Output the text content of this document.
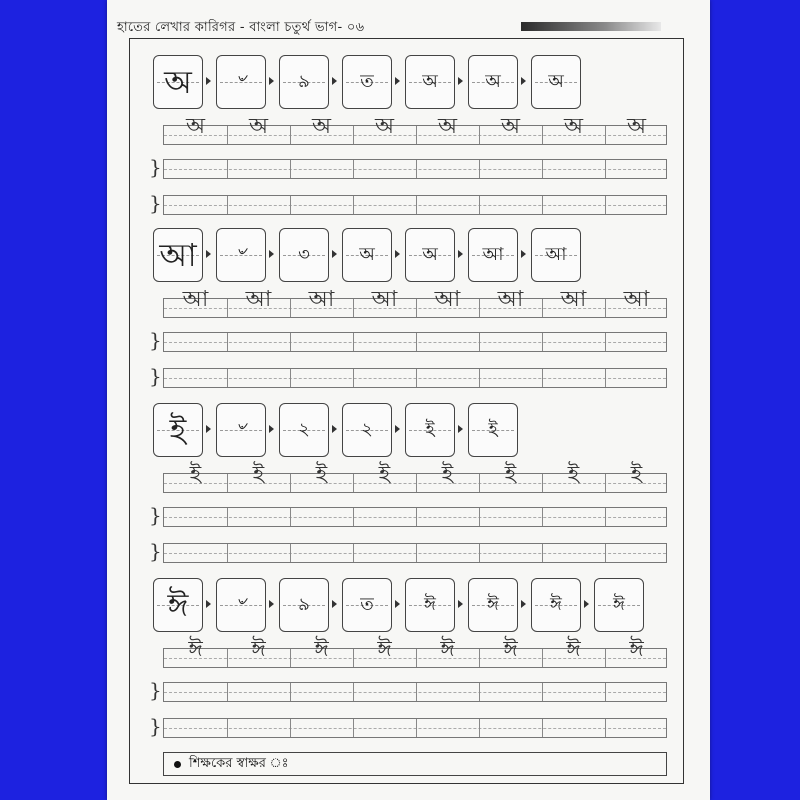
হাতের লেখার কারিগর - বাংলা চতুর্থ ভাগ- ০৬
অ ৺	৯	ত	অ	অ	অ
অ	অ	অ	অ	অ	অ	অ	অ
}
}
আ ৺	৩	অ	অ আ আ
আ	আ	আ	আ	আ	আ	আ	আ
}
}
ই	৺	২	২	ই	ই
ই	ই	ই	ই	ই	ই	ই	ই
}
}
ঈ	৺	৯	ত	ঈ	ঈ	ঈ	ঈ
ঈ	ঈ	ঈ	ঈ	ঈ	ঈ	ঈ	ঈ
}
}
শিক্ষকের স্বাক্ষর ঃ
